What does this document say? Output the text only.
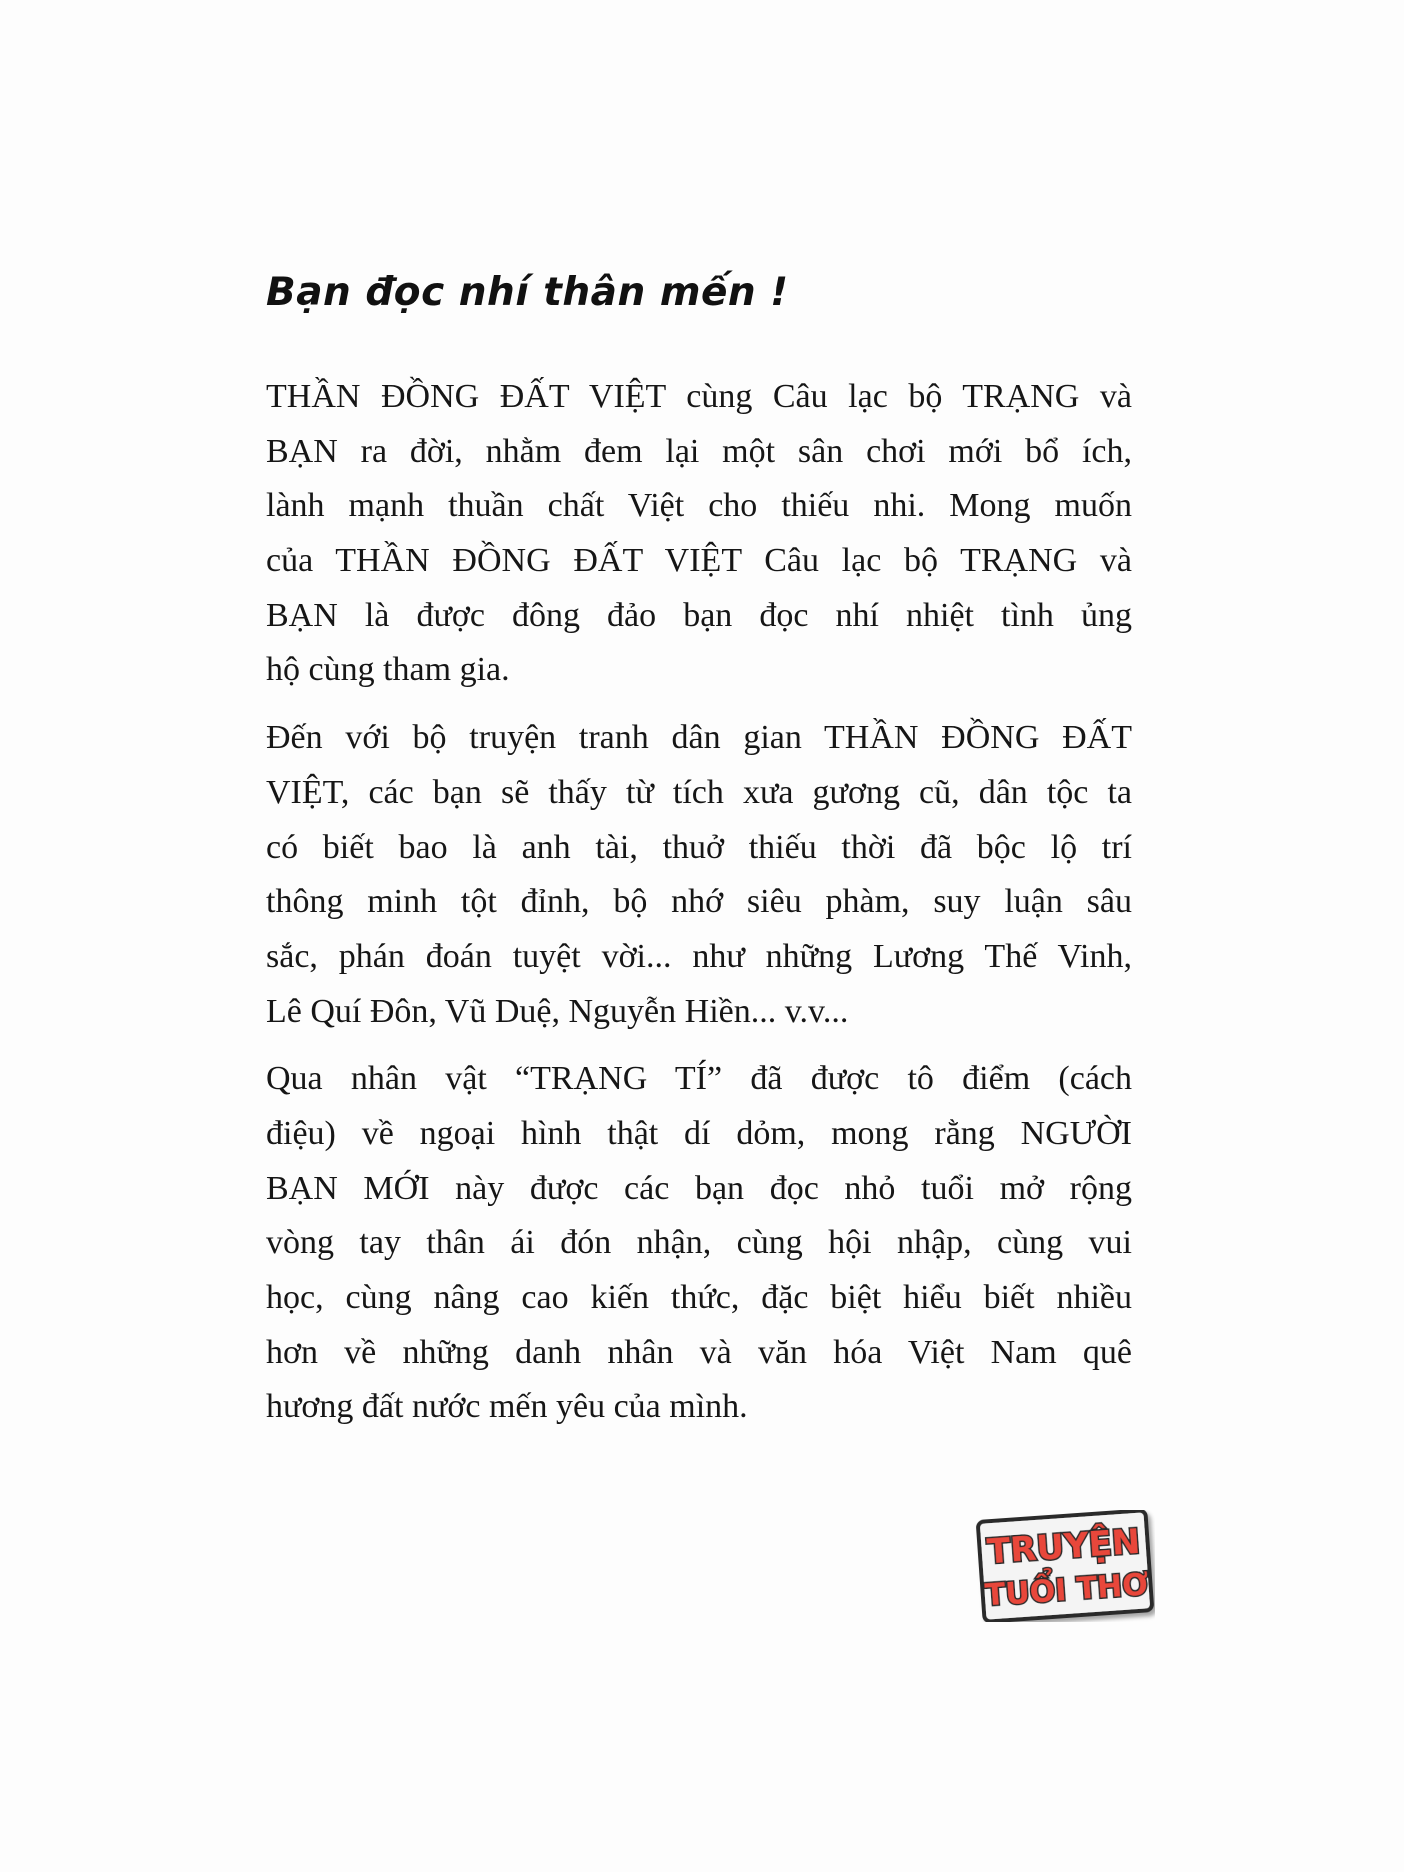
Bạn đọc nhí thân mến !
THẦN ĐỒNG ĐẤT VIỆT cùng Câu lạc bộ TRẠNG và
BẠN ra đời, nhằm đem lại một sân chơi mới bổ ích,
lành mạnh thuần chất Việt cho thiếu nhi. Mong muốn
của THẦN ĐỒNG ĐẤT VIỆT Câu lạc bộ TRẠNG và
BẠN là được đông đảo bạn đọc nhí nhiệt tình ủng
hộ cùng tham gia.
Đến với bộ truyện tranh dân gian THẦN ĐỒNG ĐẤT
VIỆT, các bạn sẽ thấy từ tích xưa gương cũ, dân tộc ta
có biết bao là anh tài, thuở thiếu thời đã bộc lộ trí
thông minh tột đỉnh, bộ nhớ siêu phàm, suy luận sâu
sắc, phán đoán tuyệt vời... như những Lương Thế Vinh,
Lê Quí Đôn, Vũ Duệ, Nguyễn Hiền... v.v...
Qua nhân vật “TRẠNG TÍ” đã được tô điểm (cách
điệu) về ngoại hình thật dí dỏm, mong rằng NGƯỜI
BẠN MỚI này được các bạn đọc nhỏ tuổi mở rộng
vòng tay thân ái đón nhận, cùng hội nhập, cùng vui
học, cùng nâng cao kiến thức, đặc biệt hiểu biết nhiều
hơn về những danh nhân và văn hóa Việt Nam quê
hương đất nước mến yêu của mình.
TRUYỆN
TUỔI THƠ
